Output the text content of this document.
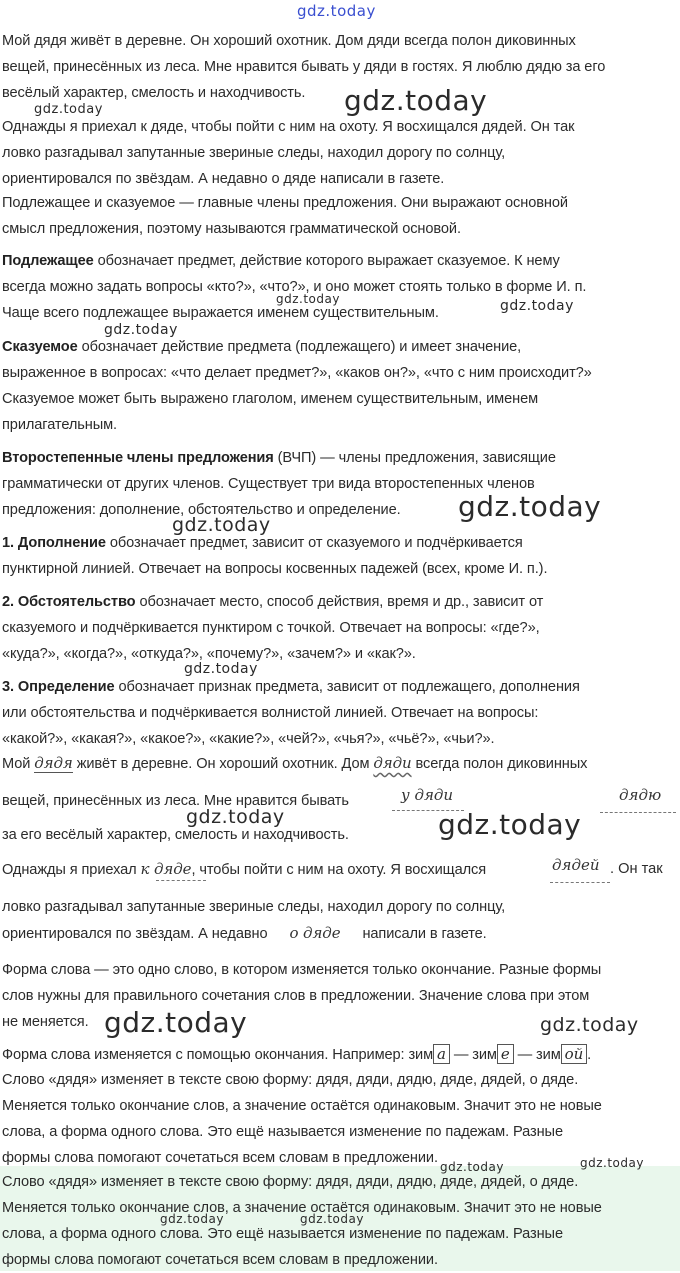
gdz.today
Мой дядя живёт в деревне. Он хороший охотник. Дом дяди всегда полон диковинных
вещей, принесённых из леса. Мне нравится бывать у дяди в гостях. Я люблю дядю за его
весёлый характер, смелость и находчивость.
Однажды я приехал к дяде, чтобы пойти с ним на охоту. Я восхищался дядей. Он так
ловко разгадывал запутанные звериные следы, находил дорогу по солнцу,
ориентировался по звёздам. А недавно о дяде написали в газете.
Подлежащее и сказуемое — главные члены предложения. Они выражают основной
смысл предложения, поэтому называются грамматической основой.
Подлежащее обозначает предмет, действие которого выражает сказуемое. К нему
всегда можно задать вопросы «кто?», «что?», и оно может стоять только в форме И. п.
Чаще всего подлежащее выражается именем существительным.
Сказуемое обозначает действие предмета (подлежащего) и имеет значение,
выраженное в вопросах: «что делает предмет?», «каков он?», «что с ним происходит?»
Сказуемое может быть выражено глаголом, именем существительным, именем
прилагательным.
Второстепенные члены предложения (ВЧП) — члены предложения, зависящие
грамматически от других членов. Существует три вида второстепенных членов
предложения: дополнение, обстоятельство и определение.
1. Дополнение обозначает предмет, зависит от сказуемого и подчёркивается
пунктирной линией. Отвечает на вопросы косвенных падежей (всех, кроме И. п.).
2. Обстоятельство обозначает место, способ действия, время и др., зависит от
сказуемого и подчёркивается пунктиром с точкой. Отвечает на вопросы: «где?»,
«куда?», «когда?», «откуда?», «почему?», «зачем?» и «как?».
3. Определение обозначает признак предмета, зависит от подлежащего, дополнения
или обстоятельства и подчёркивается волнистой линией. Отвечает на вопросы:
«какой?», «какая?», «какое?», «какие?», «чей?», «чья?», «чьё?», «чьи?».
Мой дядя живёт в деревне. Он хороший охотник. Дом дяди всегда полон диковинных
вещей, принесённых из леса. Мне нравится бывать	у дяди	дядю
за его весёлый характер, смелость и находчивость.
Однажды я приехал к дяде, чтобы пойти с ним на охоту. Я восхищался	дядей . Он так
ловко разгадывал запутанные звериные следы, находил дорогу по солнцу,
ориентировался по звёздам. А недавно о дяде написали в газете.
Форма слова — это одно слово, в котором изменяется только окончание. Разные формы
слов нужны для правильного сочетания слов в предложении. Значение слова при этом
не меняется.
Форма слова изменяется с помощью окончания. Например: зим а — зим е — зим ой .
Слово «дядя» изменяет в тексте свою форму: дядя, дяди, дядю, дяде, дядей, о дяде.
Меняется только окончание слов, а значение остаётся одинаковым. Значит это не новые
слова, а форма одного слова. Это ещё называется изменение по падежам. Разные
формы слова помогают сочетаться всем словам в предложении.
Слово «дядя» изменяет в тексте свою форму: дядя, дяди, дядю, дяде, дядей, о дяде.
Меняется только окончание слов, а значение остаётся одинаковым. Значит это не новые
слова, а форма одного слова. Это ещё называется изменение по падежам. Разные
формы слова помогают сочетаться всем словам в предложении.
gdz.today	gdz.today
gdz.today	gdz.today
gdz.today
gdz.today
gdz.today
gdz.today
gdz.today	gdz.today
gdz.today	gdz.today
gdz.today	gdz.today
gdz.today	gdz.today
